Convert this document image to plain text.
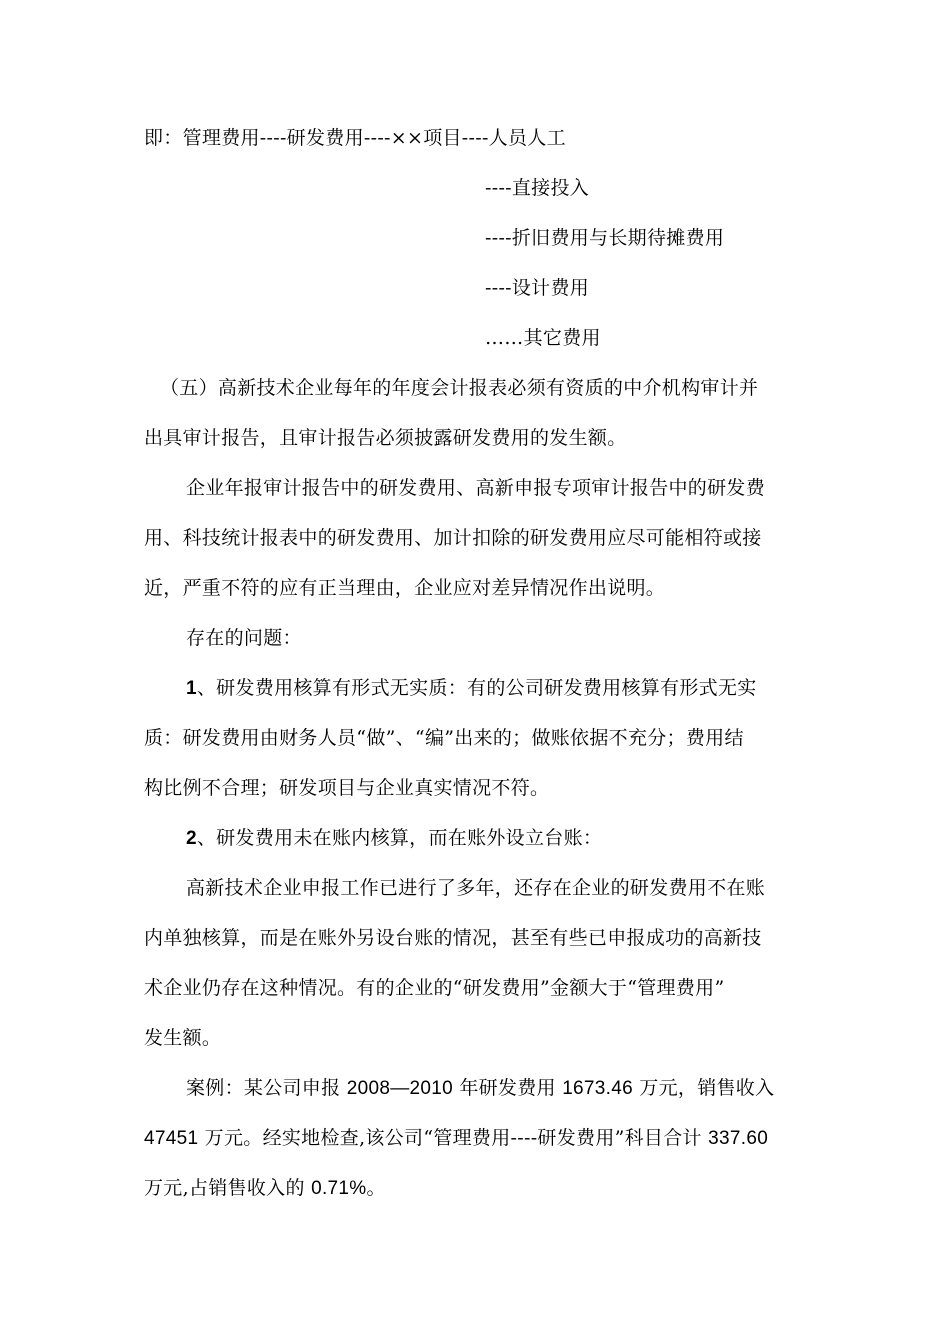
即：管理费用----研发费用----××项目----人员人工
----直接投入
----折旧费用与长期待摊费用
----设计费用
……其它费用
（五）高新技术企业每年的年度会计报表必须有资质的中介机构审计并
出具审计报告，且审计报告必须披露研发费用的发生额。
企业年报审计报告中的研发费用、高新申报专项审计报告中的研发费
用、科技统计报表中的研发费用、加计扣除的研发费用应尽可能相符或接
近，严重不符的应有正当理由，企业应对差异情况作出说明。
存在的问题：
1、研发费用核算有形式无实质：有的公司研发费用核算有形式无实
质：研发费用由财务人员“做”、“编”出来的；做账依据不充分；费用结
构比例不合理；研发项目与企业真实情况不符。
2、研发费用未在账内核算，而在账外设立台账：
高新技术企业申报工作已进行了多年，还存在企业的研发费用不在账
内单独核算，而是在账外另设台账的情况，甚至有些已申报成功的高新技
术企业仍存在这种情况。有的企业的“研发费用”金额大于“管理费用”
发生额。
案例：某公司申报 2008—2010 年研发费用 1673.46 万元，销售收入
47451 万元。经实地检查,该公司“管理费用----研发费用”科目合计 337.60
万元,占销售收入的 0.71%。
